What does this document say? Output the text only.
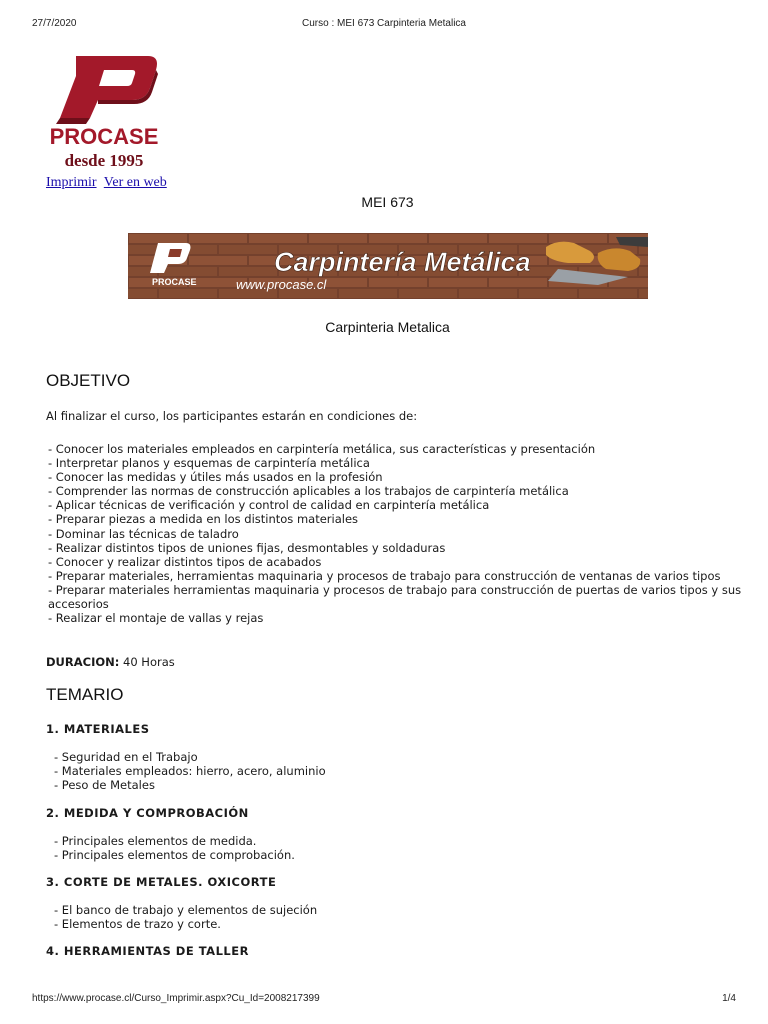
27/7/2020	Curso : MEI 673 Carpinteria Metalica
PROCASE
desde 1995
Imprimir Ver en web
MEI 673
PROCASE
Carpintería Metálica
www.procase.cl
Carpinteria Metalica
OBJETIVO

Al finalizar el curso, los participantes estarán en condiciones de:

- Conocer los materiales empleados en carpintería metálica, sus características y presentación
- Interpretar planos y esquemas de carpintería metálica
- Conocer las medidas y útiles más usados en la profesión
- Comprender las normas de construcción aplicables a los trabajos de carpintería metálica
- Aplicar técnicas de verificación y control de calidad en carpintería metálica
- Preparar piezas a medida en los distintos materiales
- Dominar las técnicas de taladro
- Realizar distintos tipos de uniones fijas, desmontables y soldaduras
- Conocer y realizar distintos tipos de acabados
- Preparar materiales, herramientas maquinaria y procesos de trabajo para construcción de ventanas de varios tipos
- Preparar materiales herramientas maquinaria y procesos de trabajo para construcción de puertas de varios tipos y sus accesorios
- Realizar el montaje de vallas y rejas

DURACION: 40 Horas

TEMARIO

1. MATERIALES

- Seguridad en el Trabajo
- Materiales empleados: hierro, acero, aluminio
- Peso de Metales

2. MEDIDA Y COMPROBACIÓN

- Principales elementos de medida.
- Principales elementos de comprobación.

3. CORTE DE METALES. OXICORTE

- El banco de trabajo y elementos de sujeción
- Elementos de trazo y corte.

4. HERRAMIENTAS DE TALLER

https://www.procase.cl/Curso_Imprimir.aspx?Cu_Id=2008217399	1/4
